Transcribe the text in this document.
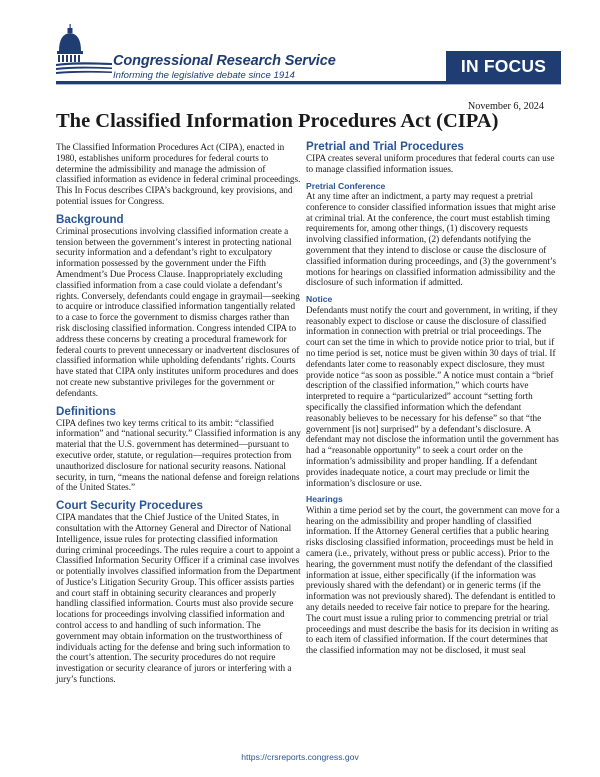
Congressional Research Service
Informing the legislative debate since 1914	IN FOCUS
November 6, 2024
The Classified Information Procedures Act (CIPA)

The Classified Information Procedures Act (CIPA), enacted in 1980, establishes uniform procedures for federal courts to determine the admissibility and manage the admission of classified information as evidence in federal criminal proceedings. This In Focus describes CIPA’s background, key provisions, and potential issues for Congress.

Background

Criminal prosecutions involving classified information create a tension between the government’s interest in protecting national security information and a defendant’s right to exculpatory information possessed by the government under the Fifth Amendment’s Due Process Clause. Inappropriately excluding classified information from a case could violate a defendant’s rights. Conversely, defendants could engage in graymail—seeking to acquire or introduce classified information tangentially related to a case to force the government to dismiss charges rather than risk disclosing classified information. Congress intended CIPA to address these concerns by creating a procedural framework for federal courts to prevent unnecessary or inadvertent disclosures of classified information while upholding defendants’ rights. Courts have stated that CIPA only institutes uniform procedures and does not create new substantive privileges for the government or defendants.

Definitions

CIPA defines two key terms critical to its ambit: “classified information” and “national security.” Classified information is any material that the U.S. government has determined—pursuant to executive order, statute, or regulation—requires protection from unauthorized disclosure for national security reasons. National security, in turn, “means the national defense and foreign relations of the United States.”

Court Security Procedures

CIPA mandates that the Chief Justice of the United States, in consultation with the Attorney General and Director of National Intelligence, issue rules for protecting classified information during criminal proceedings. The rules require a court to appoint a Classified Information Security Officer if a criminal case involves or potentially involves classified information from the Department of Justice’s Litigation Security Group. This officer assists parties and court staff in obtaining security clearances and properly handling classified information. Courts must also provide secure locations for proceedings involving classified information and control access to and handling of such information. The government may obtain information on the trustworthiness of individuals acting for the defense and bring such information to the court’s attention. The security procedures do not require investigation or security clearance of jurors or interfering with a jury’s functions.

Pretrial and Trial Procedures

CIPA creates several uniform procedures that federal courts can use to manage classified information issues.

Pretrial Conference

At any time after an indictment, a party may request a pretrial conference to consider classified information issues that might arise at criminal trial. At the conference, the court must establish timing requirements for, among other things, (1) discovery requests involving classified information, (2) defendants notifying the government that they intend to disclose or cause the disclosure of classified information during proceedings, and (3) the government’s motions for hearings on classified information admissibility and the disclosure of such information if admitted.

Notice

Defendants must notify the court and government, in writing, if they reasonably expect to disclose or cause the disclosure of classified information in connection with pretrial or trial proceedings. The court can set the time in which to provide notice prior to trial, but if no time period is set, notice must be given within 30 days of trial. If defendants later come to reasonably expect disclosure, they must provide notice “as soon as possible.” A notice must contain a “brief description of the classified information,” which courts have interpreted to require a “particularized” account “setting forth specifically the classified information which the defendant reasonably believes to be necessary for his defense” so that “the government [is not] surprised” by a defendant’s disclosure. A defendant may not disclose the information until the government has had a “reasonable opportunity” to seek a court order on the information’s admissibility and proper handling. If a defendant provides inadequate notice, a court may preclude or limit the information’s disclosure or use.

Hearings

Within a time period set by the court, the government can move for a hearing on the admissibility and proper handling of classified information. If the Attorney General certifies that a public hearing risks disclosing classified information, proceedings must be held in camera (i.e., privately, without press or public access). Prior to the hearing, the government must notify the defendant of the classified information at issue, either specifically (if the information was previously shared with the defendant) or in generic terms (if the information was not previously shared). The defendant is entitled to any details needed to receive fair notice to prepare for the hearing. The court must issue a ruling prior to commencing pretrial or trial proceedings and must describe the basis for its decision in writing as to each item of classified information. If the court determines that the classified information may not be disclosed, it must seal

https://crsreports.congress.gov
